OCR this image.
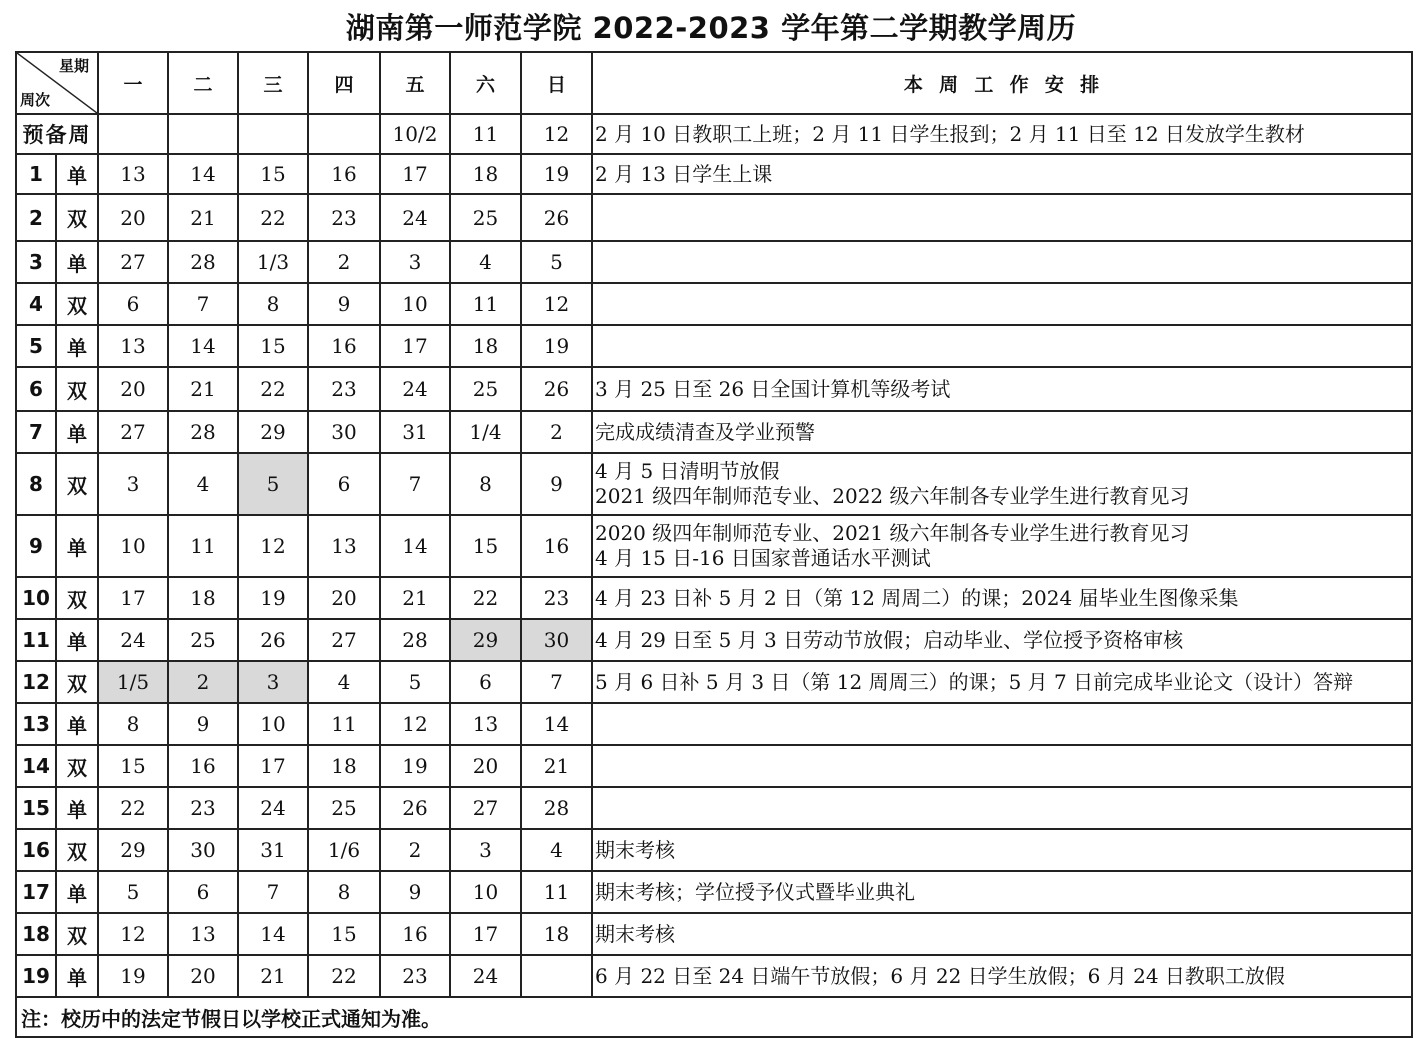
湖南第一师范学院 2022-2023 学年第二学期教学周历
星期
周次		一	二	三	四	五	六	日	本  周  工  作  安  排
预备周						10/2	11	12	2 月 10 日教职工上班；2 月 11 日学生报到；2 月 11 日至 12 日发放学生教材

1	单	13	14	15	16	17	18	19	2 月 13 日学生上课

2	双	20	21	22	23	24	25	26	

3	单	27	28	1/3	2	3	4	5	

4	双	6	7	8	9	10	11	12	

5	单	13	14	15	16	17	18	19	

6	双	20	21	22	23	24	25	26	3 月 25 日至 26 日全国计算机等级考试

7	单	27	28	29	30	31	1/4	2	完成成绩清查及学业预警

8	双	3	4	5	6	7	8	9	4 月 5 日清明节放假
2021 级四年制师范专业、2022 级六年制各专业学生进行教育见习

9	单	10	11	12	13	14	15	16	2020 级四年制师范专业、2021 级六年制各专业学生进行教育见习
4 月 15 日-16 日国家普通话水平测试

10	双	17	18	19	20	21	22	23	4 月 23 日补 5 月 2 日（第 12 周周二）的课；2024 届毕业生图像采集

11	单	24	25	26	27	28	29	30	4 月 29 日至 5 月 3 日劳动节放假；启动毕业、学位授予资格审核

12	双	1/5	2	3	4	5	6	7	5 月 6 日补 5 月 3 日（第 12 周周三）的课；5 月 7 日前完成毕业论文（设计）答辩

13	单	8	9	10	11	12	13	14	

14	双	15	16	17	18	19	20	21	

15	单	22	23	24	25	26	27	28	

16	双	29	30	31	1/6	2	3	4	期末考核

17	单	5	6	7	8	9	10	11	期末考核；学位授予仪式暨毕业典礼

18	双	12	13	14	15	16	17	18	期末考核

19	单	19	20	21	22	23	24		6 月 22 日至 24 日端午节放假；6 月 22 日学生放假；6 月 24 日教职工放假

注：校历中的法定节假日以学校正式通知为准。									
